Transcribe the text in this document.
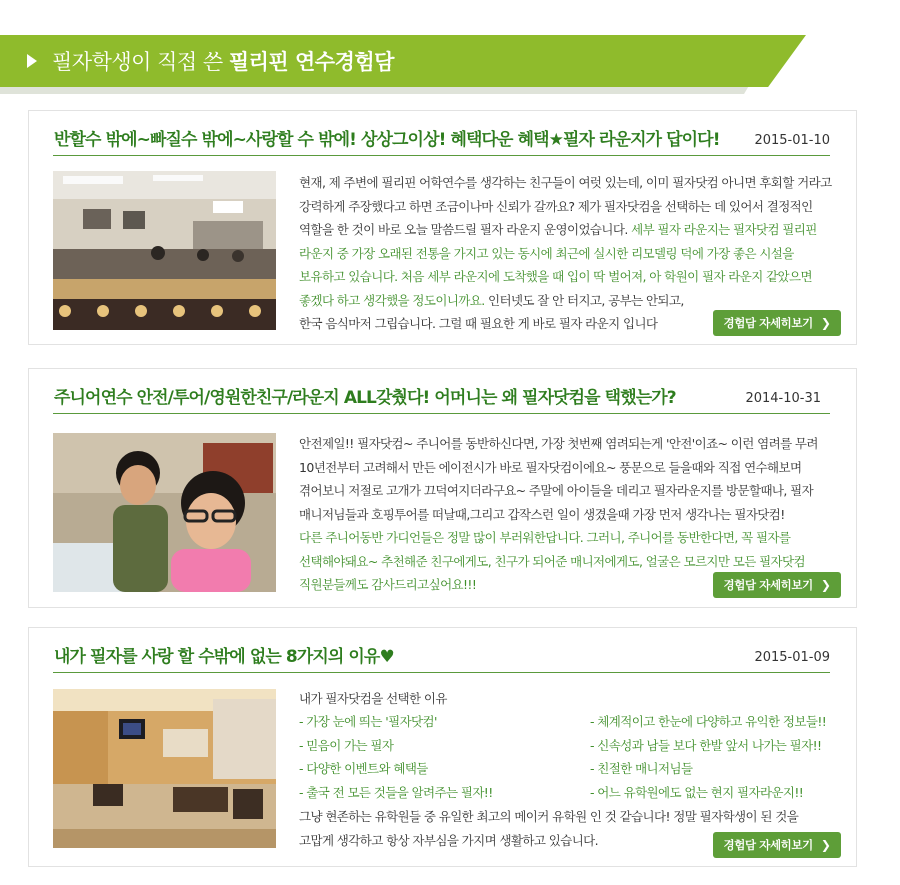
필자학생이 직접 쓴 필리핀 연수경험담
반할수 밖에~빠질수 밖에~사랑할 수 밖에! 상상그이상! 혜택다운 혜택★필자 라운지가 답이다!	2015-01-10
현재, 제 주변에 필리핀 어학연수를 생각하는 친구들이 여럿 있는데, 이미 필자닷컴 아니면 후회할 거라고
강력하게 주장했다고 하면 조금이나마 신뢰가 갈까요? 제가 필자닷컴을 선택하는 데 있어서 결정적인
역할을 한 것이 바로 오늘 말씀드릴 필자 라운지 운영이었습니다. 세부 필자 라운지는 필자닷컴 필리핀
라운지 중 가장 오래된 전통을 가지고 있는 동시에 최근에 실시한 리모델링 덕에 가장 좋은 시설을
보유하고 있습니다. 처음 세부 라운지에 도착했을 때 입이 딱 벌어져, 아 학원이 필자 라운지 같았으면
좋겠다 하고 생각했을 정도이니까요. 인터넷도 잘 안 터지고, 공부는 안되고,
한국 음식마저 그립습니다. 그럴 때 필요한 게 바로 필자 라운지 입니다	경험담 자세히보기 ❯
주니어연수 안전/투어/영원한친구/라운지 ALL갖췄다! 어머니는 왜 필자닷컴을 택했는가?	2014-10-31
안전제일!! 필자닷컴~ 주니어를 동반하신다면, 가장 첫번째 염려되는게 '안전'이죠~ 이런 염려를 무려
10년전부터 고려해서 만든 에이전시가 바로 필자닷컴이에요~ 풍문으로 들을때와 직접 연수해보며
겪어보니 저절로 고개가 끄덕여지더라구요~ 주말에 아이들을 데리고 필자라운지를 방문할때나, 필자
매니저님들과 호핑투어를 떠날때,그리고 갑작스런 일이 생겼을때 가장 먼저 생각나는 필자닷컴!
다른 주니어동반 가디언들은 정말 많이 부러워한답니다. 그러니, 주니어를 동반한다면, 꼭 필자를
선택해야돼요~ 추천해준 친구에게도, 친구가 되어준 매니저에게도, 얼굴은 모르지만 모든 필자닷컴
직원분들께도 감사드리고싶어요!!!	경험담 자세히보기 ❯
내가 필자를 사랑 할 수밖에 없는 8가지의 이유♥	2015-01-09
내가 필자닷컴을 선택한 이유
- 가장 눈에 띄는 '필자닷컴'
- 믿음이 가는 필자
- 다양한 이벤트와 혜택들
- 출국 전 모든 것들을 알려주는 필자!!
- 체계적이고 한눈에 다양하고 유익한 정보들!!
- 신속성과 남들 보다 한발 앞서 나가는 필자!!
- 친절한 매니저님들
- 어느 유학원에도 없는 현지 필자라운지!!
그냥 현존하는 유학원들 중 유일한 최고의 메이커 유학원 인 것 같습니다! 정말 필자학생이 된 것을
고맙게 생각하고 항상 자부심을 가지며 생활하고 있습니다.	경험담 자세히보기 ❯
